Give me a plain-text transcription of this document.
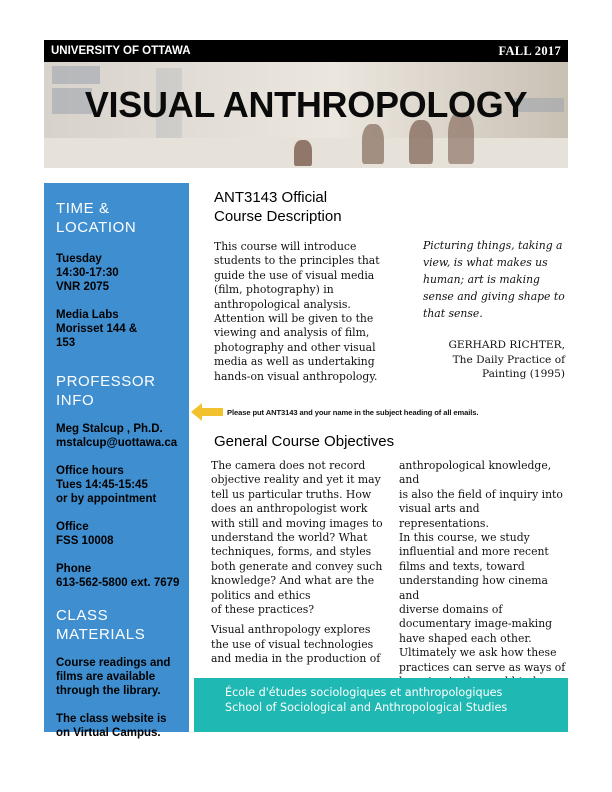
UNIVERSITY OF OTTAWA	FALL 2017
VISUAL ANTHROPOLOGY
TIME &
LOCATION
Tuesday
14:30-17:30
VNR 2075
Media Labs
Morisset 144 &
153
PROFESSOR
INFO
Meg Stalcup , Ph.D.
mstalcup@uottawa.ca
Office hours
Tues 14:45-15:45
or by appointment
Office
FSS 10008
Phone
613-562-5800 ext. 7679
CLASS
MATERIALS
Course readings and
films are available
through the library.
The class website is
on Virtual Campus.
ANT3143 Official
Course Description
This course will introduce
students to the principles that
guide the use of visual media
(film, photography) in
anthropological analysis.
Attention will be given to the
viewing and analysis of film,
photography and other visual
media as well as undertaking
hands-on visual anthropology.
Picturing things, taking a
view, is what makes us
human; art is making
sense and giving shape to
that sense.
GERHARD RICHTER,
The Daily Practice of
Painting (1995)
Please put ANT3143 and your name in the subject heading of all emails.
General Course Objectives
The camera does not record
objective reality and yet it may
tell us particular truths. How
does an anthropologist work
with still and moving images to
understand the world? What
techniques, forms, and styles
both generate and convey such
knowledge? And what are the
politics and ethics
of these practices?
Visual anthropology explores
the use of visual technologies
and media in the production of
anthropological knowledge, and
is also the field of inquiry into
visual arts and representations.
In this course, we study
influential and more recent
films and texts, toward
understanding how cinema and
diverse domains of
documentary image-making
have shaped each other.
Ultimately we ask how these
practices can serve as ways of
École d'études sociologiques et anthropologiques
School of Sociological and Anthropological Studies
